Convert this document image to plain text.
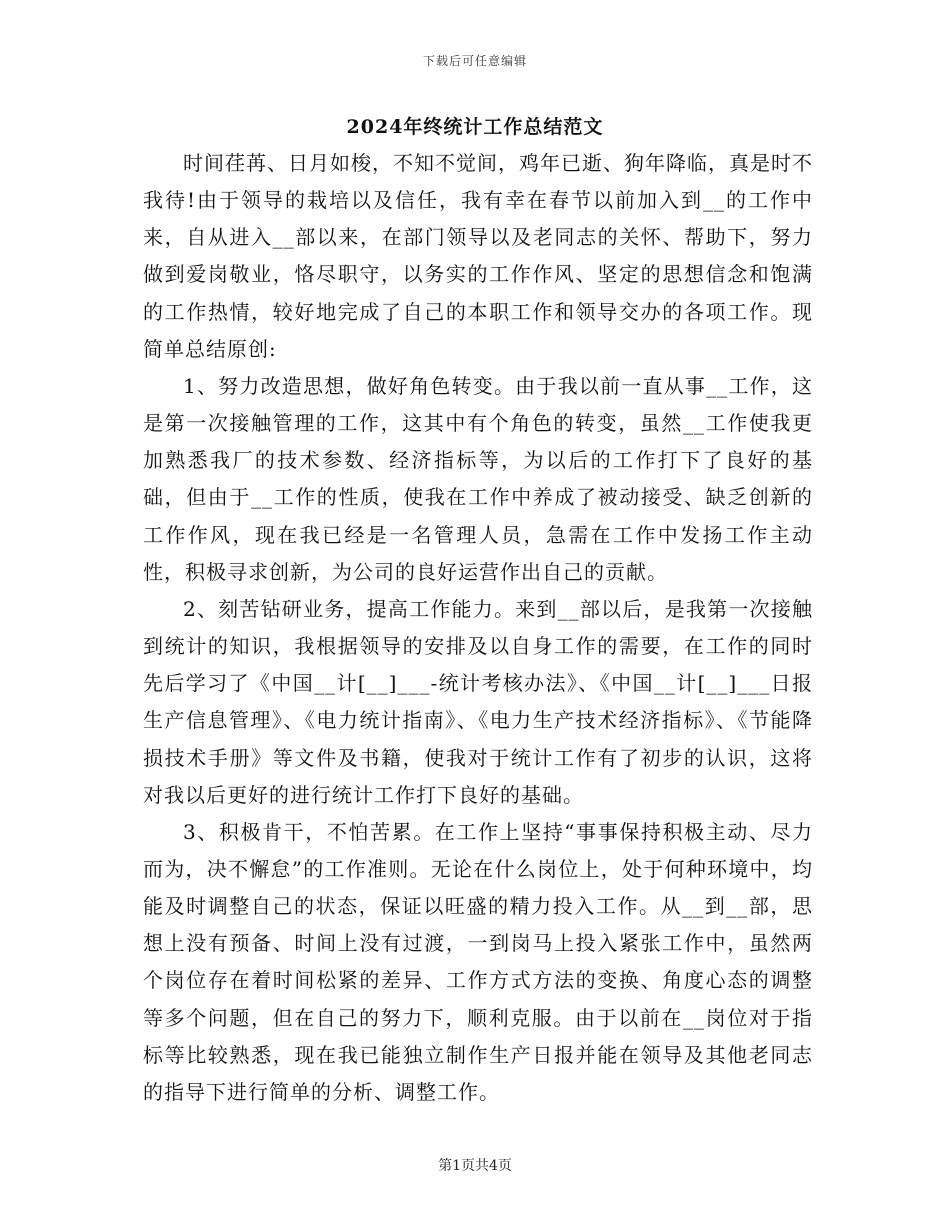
下载后可任意编辑
2024年终统计工作总结范文

时间荏苒、日月如梭，不知不觉间，鸡年已逝、狗年降临，真是时不我待!由于领导的栽培以及信任，我有幸在春节以前加入到__的工作中来，自从进入__部以来，在部门领导以及老同志的关怀、帮助下，努力做到爱岗敬业，恪尽职守，以务实的工作作风、坚定的思想信念和饱满的工作热情，较好地完成了自己的本职工作和领导交办的各项工作。现简单总结原创:

1、努力改造思想，做好角色转变。由于我以前一直从事__工作，这是第一次接触管理的工作，这其中有个角色的转变，虽然__工作使我更加熟悉我厂的技术参数、经济指标等，为以后的工作打下了良好的基础，但由于__工作的性质，使我在工作中养成了被动接受、缺乏创新的工作作风，现在我已经是一名管理人员，急需在工作中发扬工作主动性，积极寻求创新，为公司的良好运营作出自己的贡献。

2、刻苦钻研业务，提高工作能力。来到__部以后，是我第一次接触到统计的知识，我根据领导的安排及以自身工作的需要，在工作的同时先后学习了《中国__计[__]___-统计考核办法》、《中国__计[__]___日报生产信息管理》、《电力统计指南》、《电力生产技术经济指标》、《节能降损技术手册》等文件及书籍，使我对于统计工作有了初步的认识，这将对我以后更好的进行统计工作打下良好的基础。

3、积极肯干，不怕苦累。在工作上坚持“事事保持积极主动、尽力而为，决不懈怠”的工作准则。无论在什么岗位上，处于何种环境中，均能及时调整自己的状态，保证以旺盛的精力投入工作。从__到__部，思想上没有预备、时间上没有过渡，一到岗马上投入紧张工作中，虽然两个岗位存在着时间松紧的差异、工作方式方法的变换、角度心态的调整等多个问题，但在自己的努力下，顺利克服。由于以前在__岗位对于指标等比较熟悉，现在我已能独立制作生产日报并能在领导及其他老同志的指导下进行简单的分析、调整工作。

第1页共4页
